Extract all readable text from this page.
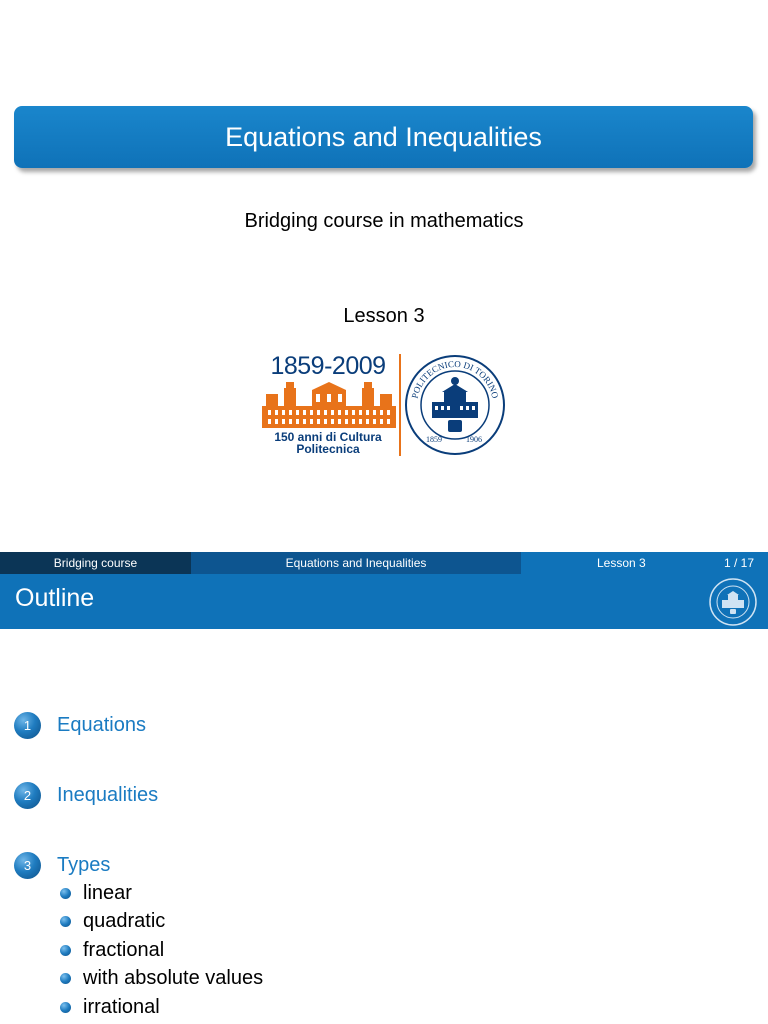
Equations and Inequalities
Bridging course in mathematics
Lesson 3
1859-2009
150 anni di Cultura
Politecnica
POLITECNICO DI TORINO
1859	1906
Bridging course	Equations and Inequalities	Lesson 3	1 / 17
Outline
1	Equations
2	Inequalities
3	Types
linear
quadratic
fractional
with absolute values
irrational
